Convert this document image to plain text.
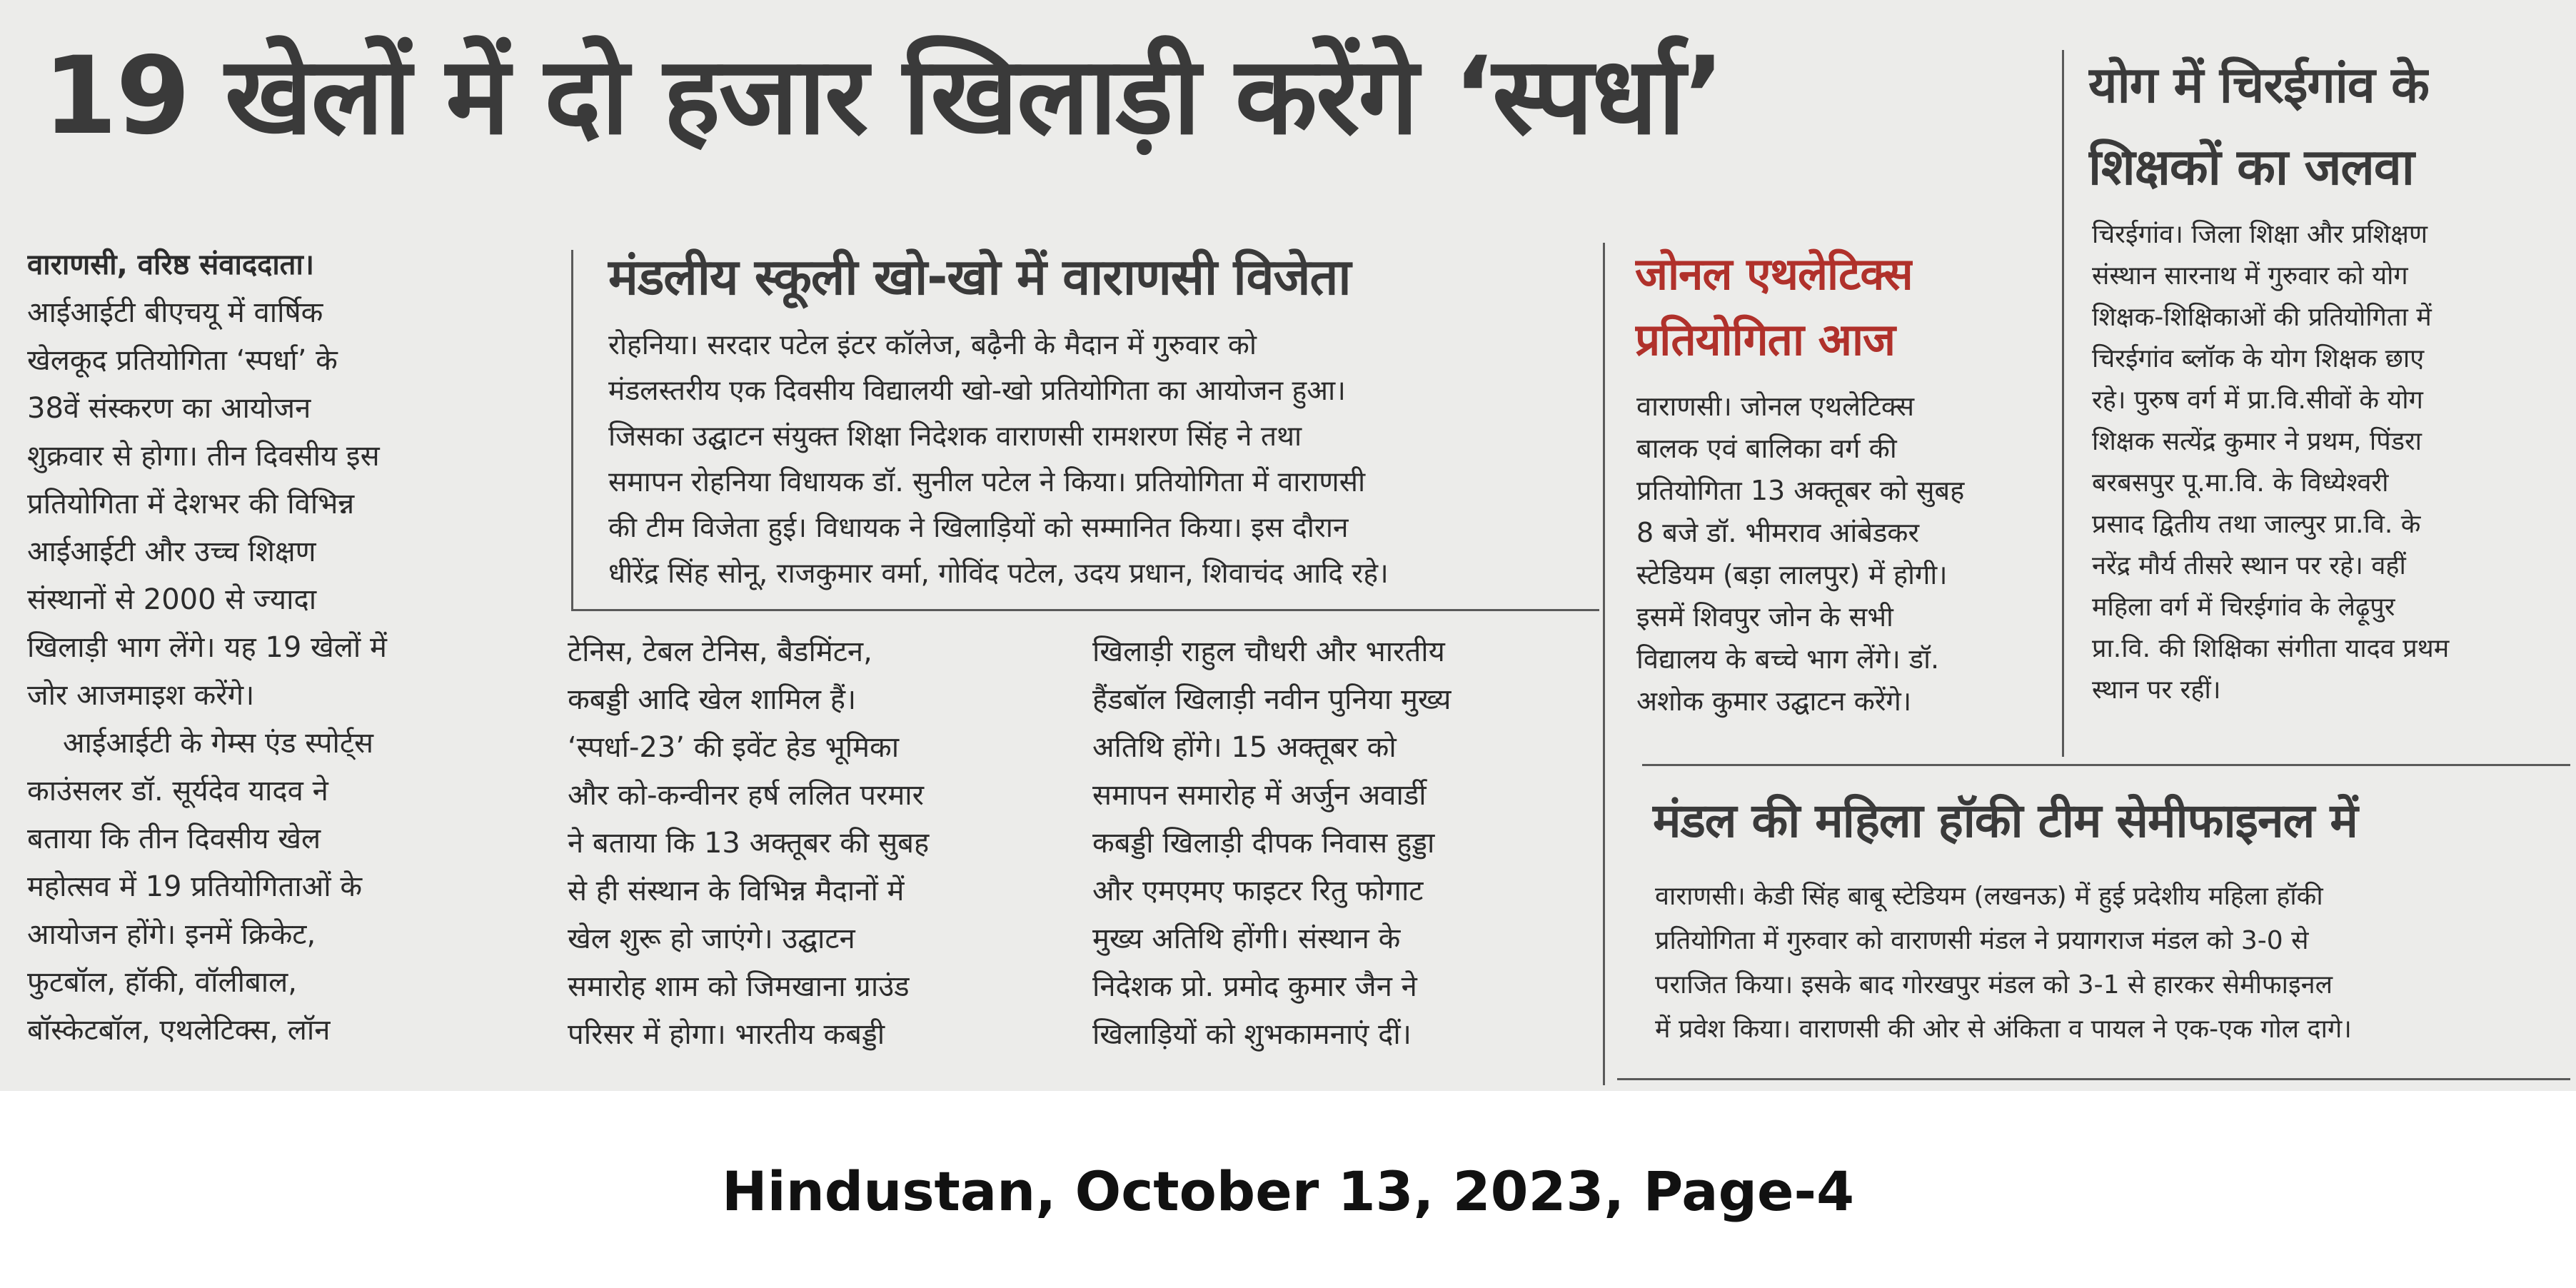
19 खेलों में दो हजार खिलाड़ी करेंगे ‘स्पर्धा’
वाराणसी, वरिष्ठ संवाददाता।
आईआईटी बीएचयू में वार्षिक
खेलकूद प्रतियोगिता ‘स्पर्धा’ के
38वें संस्करण का आयोजन
शुक्रवार से होगा। तीन दिवसीय इस
प्रतियोगिता में देशभर की विभिन्न
आईआईटी और उच्च शिक्षण
संस्थानों से 2000 से ज्यादा
खिलाड़ी भाग लेंगे। यह 19 खेलों में
जोर आजमाइश करेंगे।
आईआईटी के गेम्स एंड स्पोर्ट्स
काउंसलर डॉ. सूर्यदेव यादव ने
बताया कि तीन दिवसीय खेल
महोत्सव में 19 प्रतियोगिताओं के
आयोजन होंगे। इनमें क्रिकेट,
फुटबॉल, हॉकी, वॉलीबाल,
बॉस्केटबॉल, एथलेटिक्स, लॉन
मंडलीय स्कूली खो-खो में वाराणसी विजेता
रोहनिया। सरदार पटेल इंटर कॉलेज, बढ़ैनी के मैदान में गुरुवार को
मंडलस्तरीय एक दिवसीय विद्यालयी खो-खो प्रतियोगिता का आयोजन हुआ।
जिसका उद्घाटन संयुक्त शिक्षा निदेशक वाराणसी रामशरण सिंह ने तथा
समापन रोहनिया विधायक डॉ. सुनील पटेल ने किया। प्रतियोगिता में वाराणसी
की टीम विजेता हुई। विधायक ने खिलाड़ियों को सम्मानित किया। इस दौरान
धीरेंद्र सिंह सोनू, राजकुमार वर्मा, गोविंद पटेल, उदय प्रधान, शिवाचंद आदि रहे।
टेनिस, टेबल टेनिस, बैडमिंटन,
कबड्डी आदि खेल शामिल हैं।
‘स्पर्धा-23’ की इवेंट हेड भूमिका
और को-कन्वीनर हर्ष ललित परमार
ने बताया कि 13 अक्तूबर की सुबह
से ही संस्थान के विभिन्न मैदानों में
खेल शुरू हो जाएंगे। उद्घाटन
समारोह शाम को जिमखाना ग्राउंड
परिसर में होगा। भारतीय कबड्डी
खिलाड़ी राहुल चौधरी और भारतीय
हैंडबॉल खिलाड़ी नवीन पुनिया मुख्य
अतिथि होंगे। 15 अक्तूबर को
समापन समारोह में अर्जुन अवार्डी
कबड्डी खिलाड़ी दीपक निवास हुड्डा
और एमएमए फाइटर रितु फोगाट
मुख्य अतिथि होंगी। संस्थान के
निदेशक प्रो. प्रमोद कुमार जैन ने
खिलाड़ियों को शुभकामनाएं दीं।
जोनल एथलेटिक्स
प्रतियोगिता आज
वाराणसी। जोनल एथलेटिक्स
बालक एवं बालिका वर्ग की
प्रतियोगिता 13 अक्तूबर को सुबह
8 बजे डॉ. भीमराव आंबेडकर
स्टेडियम (बड़ा लालपुर) में होगी।
इसमें शिवपुर जोन के सभी
विद्यालय के बच्चे भाग लेंगे। डॉ.
अशोक कुमार उद्घाटन करेंगे।
योग में चिरईगांव के
शिक्षकों का जलवा
चिरईगांव। जिला शिक्षा और प्रशिक्षण
संस्थान सारनाथ में गुरुवार को योग
शिक्षक-शिक्षिकाओं की प्रतियोगिता में
चिरईगांव ब्लॉक के योग शिक्षक छाए
रहे। पुरुष वर्ग में प्रा.वि.सीवों के योग
शिक्षक सत्येंद्र कुमार ने प्रथम, पिंडरा
बरबसपुर पू.मा.वि. के विध्येश्वरी
प्रसाद द्वितीय तथा जाल्पुर प्रा.वि. के
नरेंद्र मौर्य तीसरे स्थान पर रहे। वहीं
महिला वर्ग में चिरईगांव के लेढ़ूपुर
प्रा.वि. की शिक्षिका संगीता यादव प्रथम
स्थान पर रहीं।
मंडल की महिला हॉकी टीम सेमीफाइनल में
वाराणसी। केडी सिंह बाबू स्टेडियम (लखनऊ) में हुई प्रदेशीय महिला हॉकी
प्रतियोगिता में गुरुवार को वाराणसी मंडल ने प्रयागराज मंडल को 3-0 से
पराजित किया। इसके बाद गोरखपुर मंडल को 3-1 से हारकर सेमीफाइनल
में प्रवेश किया। वाराणसी की ओर से अंकिता व पायल ने एक-एक गोल दागे।
Hindustan, October 13, 2023, Page-4
